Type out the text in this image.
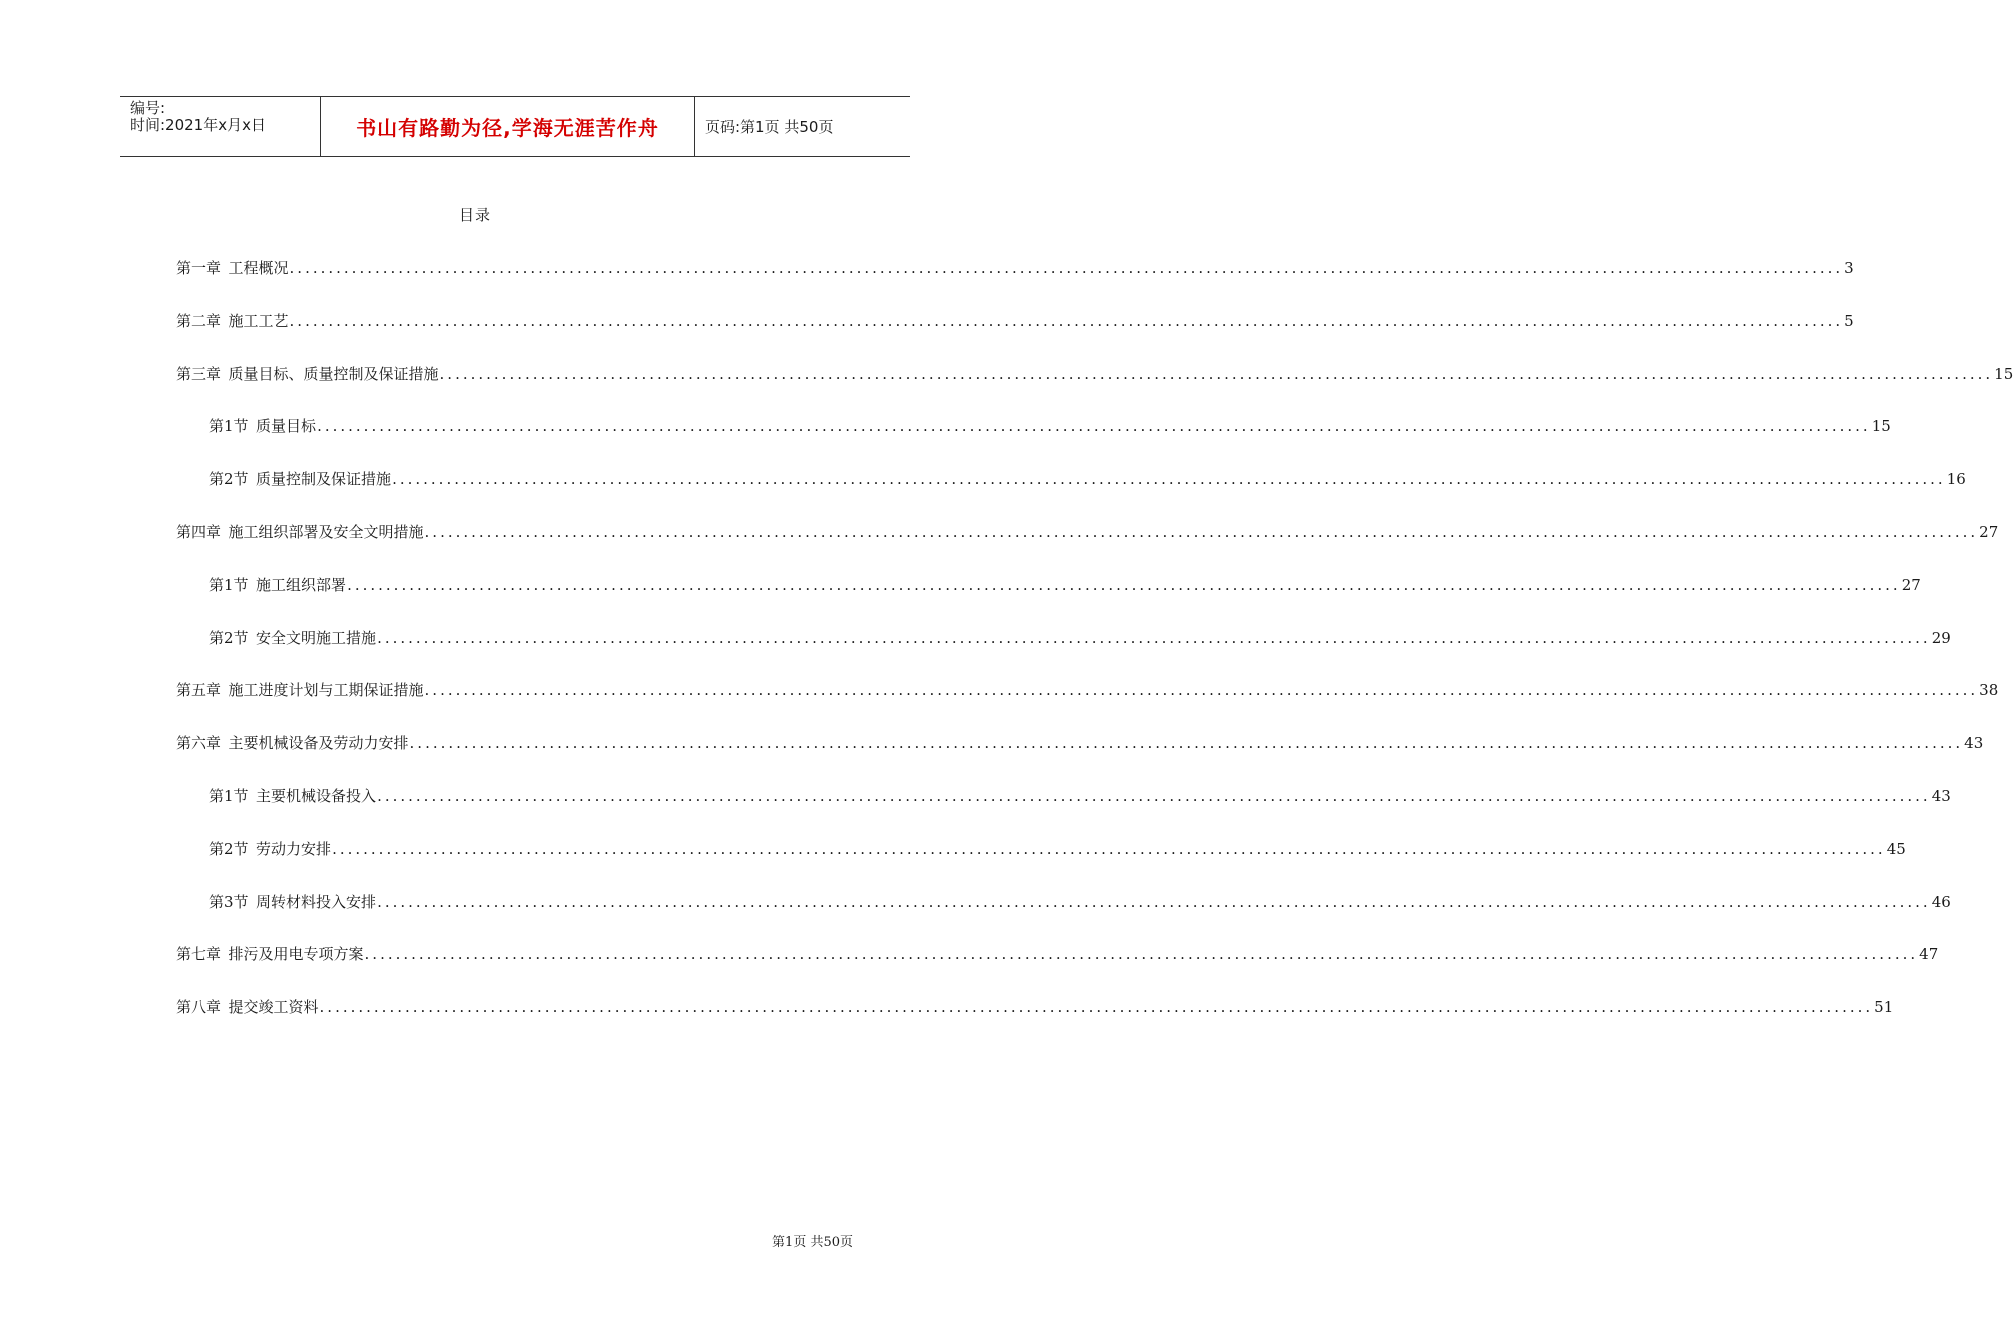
编号:
时间:2021年x月x日	书山有路勤为径,学海无涯苦作舟	页码:第1页 共50页
目录
第一章  工程概况 ........................................................................................................................................................................................................ 3
第二章  施工工艺 ........................................................................................................................................................................................................ 5
第三章  质量目标、质量控制及保证措施 ........................................................................................................................................................................................................ 15
第1节  质量目标 ........................................................................................................................................................................................................ 15
第2节  质量控制及保证措施 ........................................................................................................................................................................................................ 16
第四章  施工组织部署及安全文明措施 ........................................................................................................................................................................................................ 27
第1节  施工组织部署 ........................................................................................................................................................................................................ 27
第2节  安全文明施工措施 ........................................................................................................................................................................................................ 29
第五章  施工进度计划与工期保证措施 ........................................................................................................................................................................................................ 38
第六章  主要机械设备及劳动力安排 ........................................................................................................................................................................................................ 43
第1节  主要机械设备投入 ........................................................................................................................................................................................................ 43
第2节  劳动力安排 ........................................................................................................................................................................................................ 45
第3节  周转材料投入安排 ........................................................................................................................................................................................................ 46
第七章  排污及用电专项方案 ........................................................................................................................................................................................................ 47
第八章  提交竣工资料 ........................................................................................................................................................................................................ 51
第1页 共50页
